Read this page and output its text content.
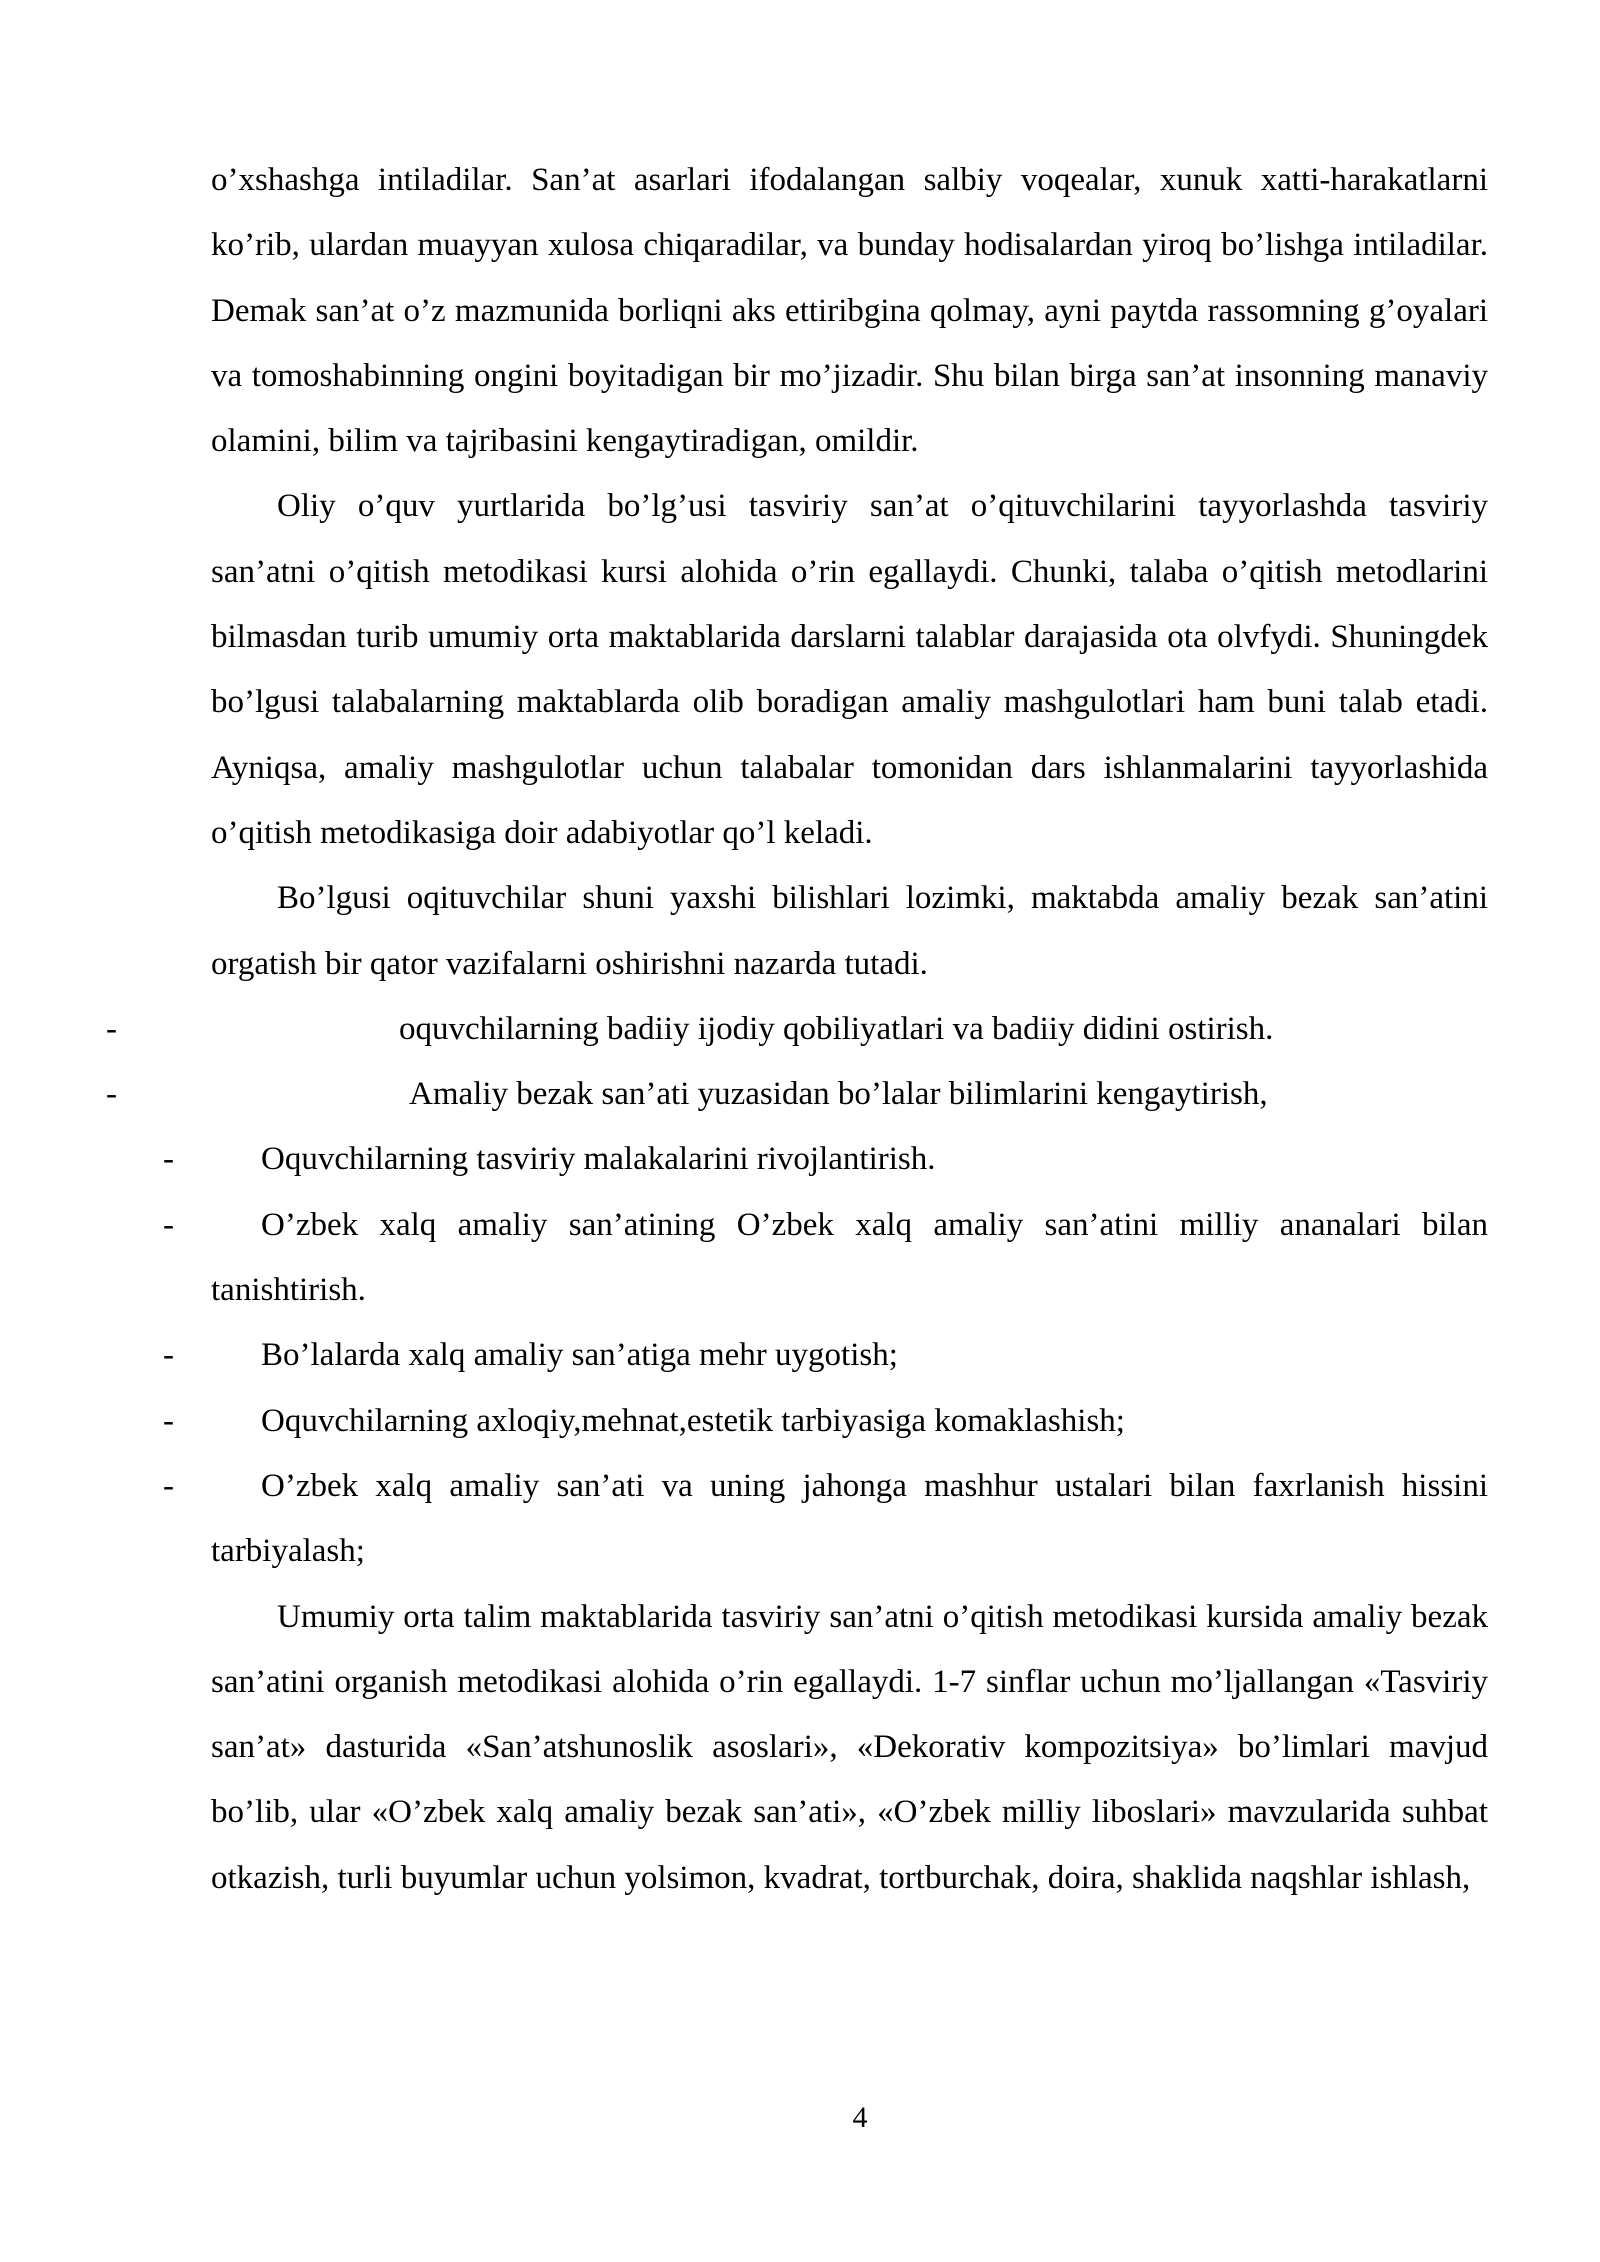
o’xshashga intiladilar. San’at asarlari ifodalangan salbiy voqealar, xunuk xatti-harakatlarni ko’rib, ulardan muayyan xulosa chiqaradilar, va bunday hodisalardan yiroq bo’lishga intiladilar. Demak san’at o’z mazmunida borliqni aks ettiribgina qolmay, ayni paytda rassomning g’oyalari va tomoshabinning ongini boyitadigan bir mo’jizadir. Shu bilan birga san’at insonning manaviy olamini, bilim va tajribasini kengaytiradigan, omildir.

Oliy o’quv yurtlarida bo’lg’usi tasviriy san’at o’qituvchilarini tayyorlashda tasviriy san’atni o’qitish metodikasi kursi alohida o’rin egallaydi. Chunki, talaba o’qitish metodlarini bilmasdan turib umumiy orta maktablarida darslarni talablar darajasida ota olvfydi. Shuningdek bo’lgusi talabalarning maktablarda olib boradigan amaliy mashgulotlari ham buni talab etadi. Ayniqsa, amaliy mashgulotlar uchun talabalar tomonidan dars ishlanmalarini tayyorlashida o’qitish metodikasiga doir adabiyotlar qo’l keladi.

Bo’lgusi oqituvchilar shuni yaxshi bilishlari lozimki, maktabda amaliy bezak san’atini orgatish bir qator vazifalarni oshirishni nazarda tutadi.

-	oquvchilarning badiiy ijodiy qobiliyatlari va badiiy didini ostirish.

-	Amaliy bezak san’ati yuzasidan bo’lalar bilimlarini kengaytirish,

-	Oquvchilarning tasviriy malakalarini rivojlantirish.

-	O’zbek xalq amaliy san’atining O’zbek xalq amaliy san’atini milliy ananalari bilan tanishtirish.

-	Bo’lalarda xalq amaliy san’atiga mehr uygotish;

-	Oquvchilarning axloqiy,mehnat,estetik tarbiyasiga komaklashish;

-	O’zbek xalq amaliy san’ati va uning jahonga mashhur ustalari bilan faxrlanish hissini tarbiyalash;

Umumiy orta talim maktablarida tasviriy san’atni o’qitish metodikasi kursida amaliy bezak san’atini organish metodikasi alohida o’rin egallaydi. 1-7 sinflar uchun mo’ljallangan «Tasviriy san’at» dasturida «San’atshunoslik asoslari», «Dekorativ kompozitsiya» bo’limlari mavjud bo’lib, ular «O’zbek xalq amaliy bezak san’ati», «O’zbek milliy liboslari» mavzularida suhbat otkazish, turli buyumlar uchun yolsimon, kvadrat, tortburchak, doira, shaklida naqshlar ishlash,

4
